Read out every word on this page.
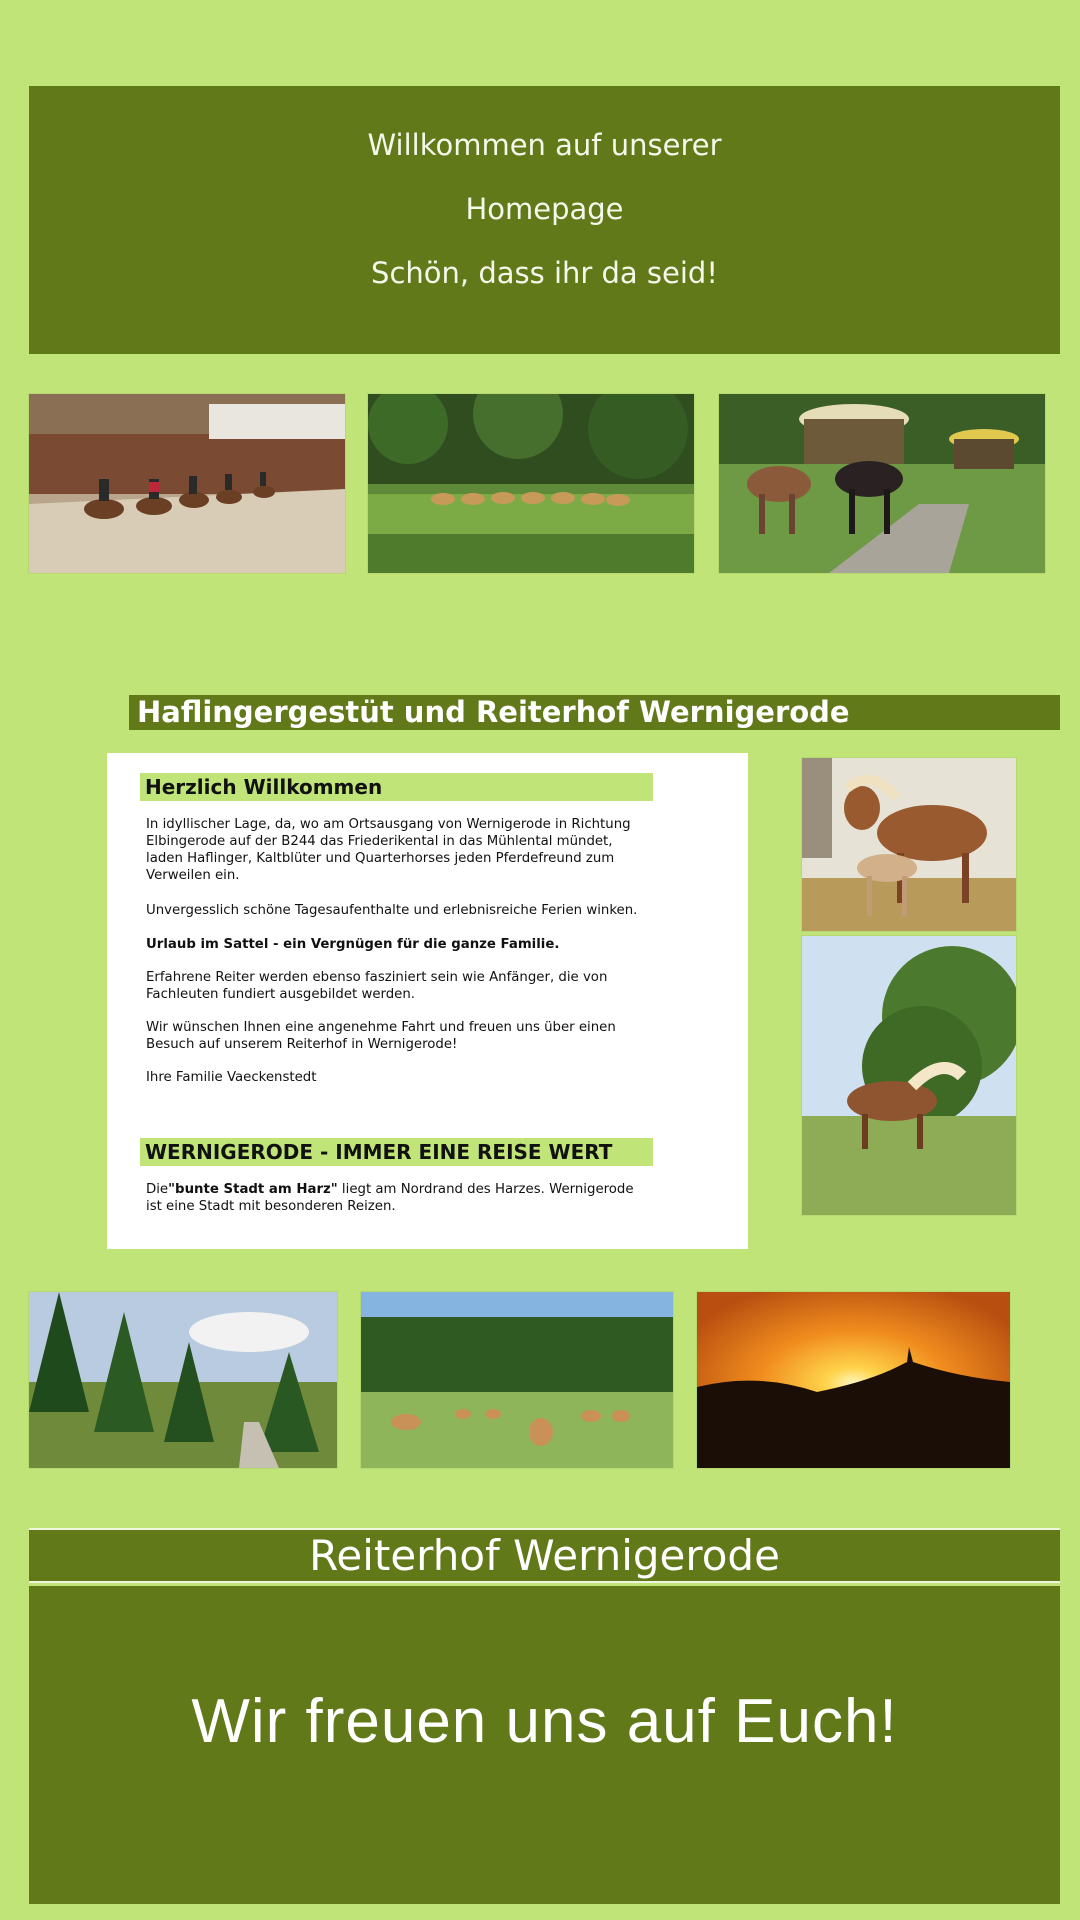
Willkommen auf unserer
Homepage
Schön, dass ihr da seid!
Haflingergestüt und Reiterhof Wernigerode
Herzlich Willkommen

In idyllischer Lage, da, wo am Ortsausgang von Wernigerode in Richtung Elbingerode auf der B244 das Friederikental in das Mühlental mündet, laden Haflinger, Kaltblüter und Quarterhorses jeden Pferdefreund zum Verweilen ein.

Unvergesslich schöne Tagesaufenthalte und erlebnisreiche Ferien winken.

Urlaub im Sattel - ein Vergnügen für die ganze Familie.

Erfahrene Reiter werden ebenso fasziniert sein wie Anfänger, die von Fachleuten fundiert ausgebildet werden.

Wir wünschen Ihnen eine angenehme Fahrt und freuen uns über einen Besuch auf unserem Reiterhof in Wernigerode!

Ihre Familie Vaeckenstedt

WERNIGERODE - IMMER EINE REISE WERT

Die"bunte Stadt am Harz" liegt am Nordrand des Harzes. Wernigerode ist eine Stadt mit besonderen Reizen.

Reiterhof Wernigerode
Wir freuen uns auf Euch!
